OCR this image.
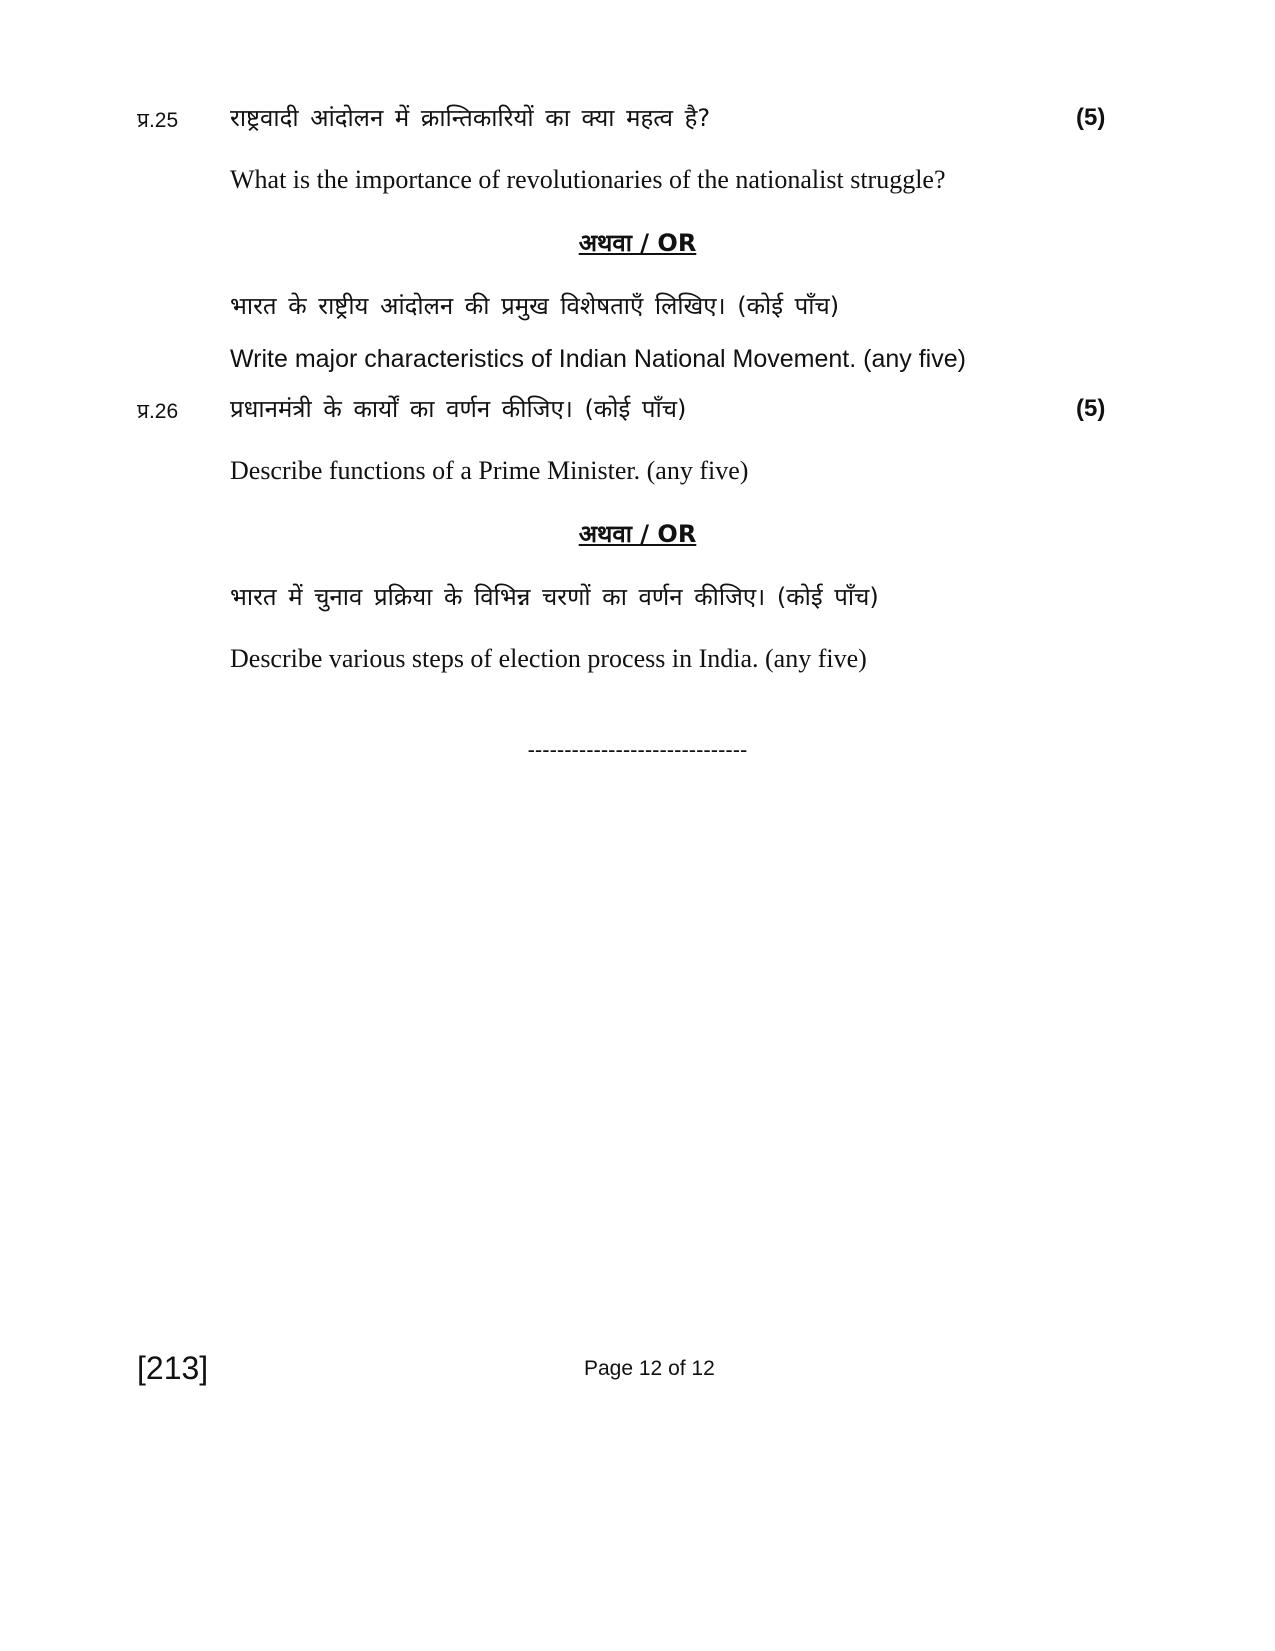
प्र.25 राष्ट्रवादी आंदोलन में क्रान्तिकारियों का क्या महत्व है?	(5)
What is the importance of revolutionaries of the nationalist struggle?
अथवा / OR
भारत के राष्ट्रीय आंदोलन की प्रमुख विशेषताएँ लिखिए। (कोई पाँच)
Write major characteristics of Indian National Movement. (any five)
प्र.26 प्रधानमंत्री के कार्यों का वर्णन कीजिए। (कोई पाँच)	(5)
Describe functions of a Prime Minister. (any five)
अथवा / OR
भारत में चुनाव प्रक्रिया के विभिन्न चरणों का वर्णन कीजिए। (कोई पाँच)
Describe various steps of election process in India. (any five)
------------------------------
[213]	Page 12 of 12
